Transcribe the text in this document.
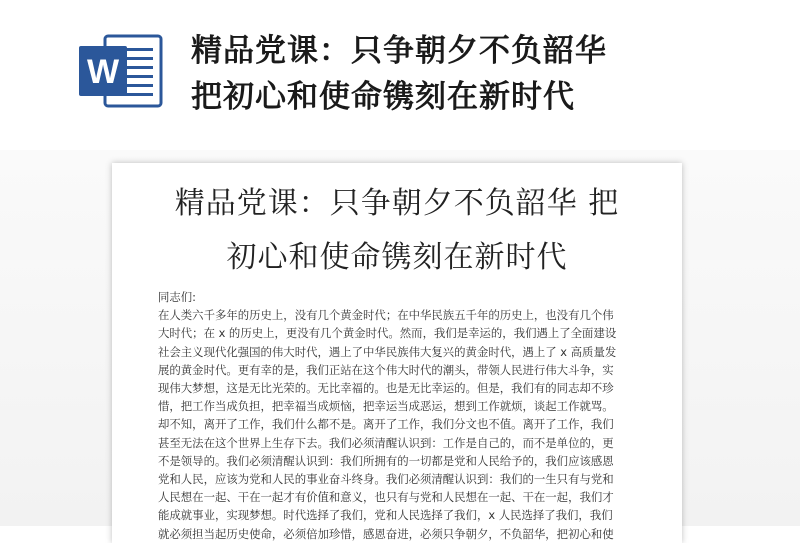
W
精品党课：只争朝夕不负韶华
把初心和使命镌刻在新时代
精品党课：只争朝夕不负韶华 把
初心和使命镌刻在新时代
同志们:
在人类六千多年的历史上，没有几个黄金时代；在中华民族五千年的历史上，也没有几个伟
大时代；在 x 的历史上，更没有几个黄金时代。然而，我们是幸运的，我们遇上了全面建设
社会主义现代化强国的伟大时代，遇上了中华民族伟大复兴的黄金时代，遇上了 x 高质量发
展的黄金时代。更有幸的是，我们正站在这个伟大时代的潮头，带领人民进行伟大斗争，实
现伟大梦想，这是无比光荣的。无比幸福的。也是无比幸运的。但是，我们有的同志却不珍
惜，把工作当成负担，把幸福当成烦恼，把幸运当成恶运，想到工作就烦，谈起工作就骂。
却不知，离开了工作，我们什么都不是。离开了工作，我们分文也不值。离开了工作，我们
甚至无法在这个世界上生存下去。我们必须清醒认识到：工作是自己的，而不是单位的，更
不是领导的。我们必须清醒认识到：我们所拥有的一切都是党和人民给予的，我们应该感恩
党和人民，应该为党和人民的事业奋斗终身。我们必须清醒认识到：我们的一生只有与党和
人民想在一起、干在一起才有价值和意义，也只有与党和人民想在一起、干在一起，我们才
能成就事业，实现梦想。时代选择了我们，党和人民选择了我们，x 人民选择了我们，我们
就必须担当起历史使命，必须倍加珍惜，感恩奋进，必须只争朝夕，不负韶华，把初心和使
